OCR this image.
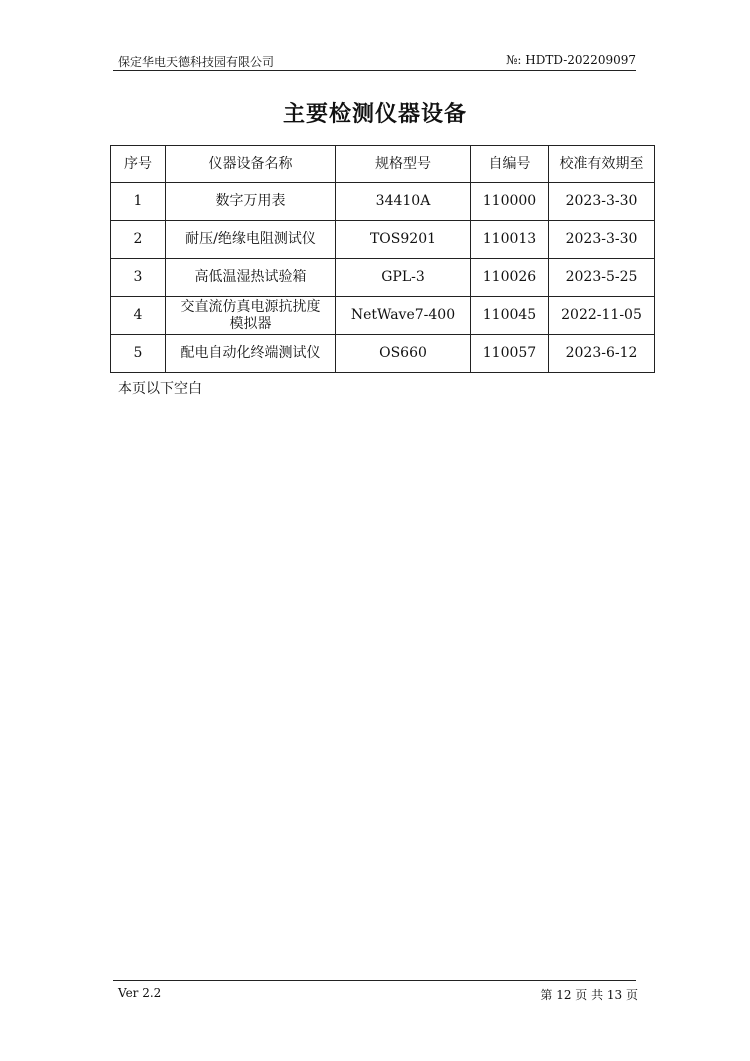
保定华电天德科技园有限公司	№: HDTD-202209097
主要检测仪器设备
序号	仪器设备名称	规格型号	自编号	校准有效期至
1	数字万用表	34410A	110000	2023-3-30
2	耐压/绝缘电阻测试仪	TOS9201	110013	2023-3-30
3	高低温湿热试验箱	GPL-3	110026	2023-5-25
4	交直流仿真电源抗扰度模拟器	NetWave7-400	110045	2022-11-05
5	配电自动化终端测试仪	OS660	110057	2023-6-12
本页以下空白
Ver 2.2	第 12 页 共 13 页
